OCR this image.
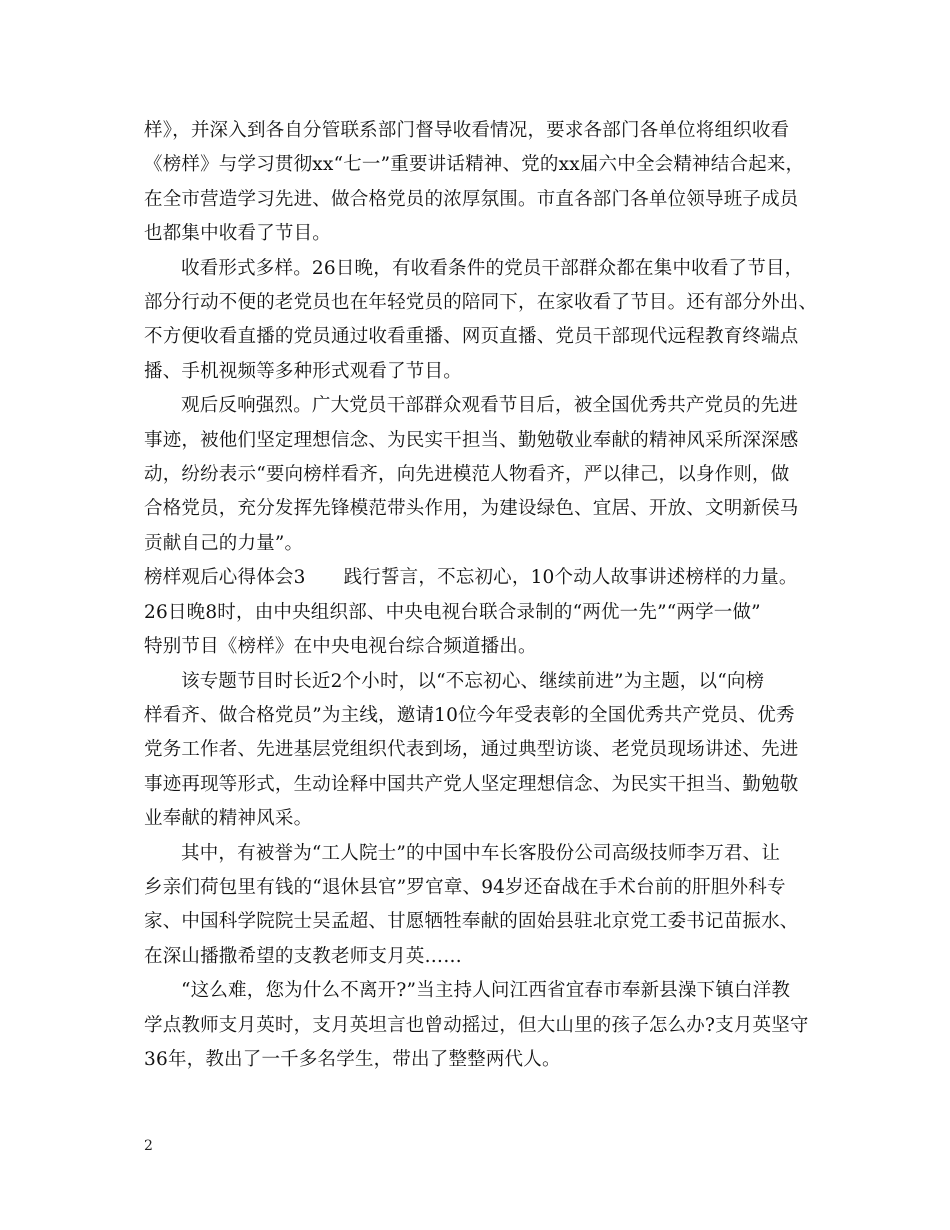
样》，并深入到各自分管联系部门督导收看情况，要求各部门各单位将组织收看
《榜样》与学习贯彻xx“七一”重要讲话精神、党的xx届六中全会精神结合起来，
在全市营造学习先进、做合格党员的浓厚氛围。市直各部门各单位领导班子成员
也都集中收看了节目。

收看形式多样。26日晚，有收看条件的党员干部群众都在集中收看了节目，
部分行动不便的老党员也在年轻党员的陪同下，在家收看了节目。还有部分外出、
不方便收看直播的党员通过收看重播、网页直播、党员干部现代远程教育终端点
播、手机视频等多种形式观看了节目。

观后反响强烈。广大党员干部群众观看节目后，被全国优秀共产党员的先进
事迹，被他们坚定理想信念、为民实干担当、勤勉敬业奉献的精神风采所深深感
动，纷纷表示“要向榜样看齐，向先进模范人物看齐，严以律己，以身作则，做
合格党员，充分发挥先锋模范带头作用，为建设绿色、宜居、开放、文明新侯马
贡献自己的力量”。

榜样观后心得体会3 践行誓言，不忘初心，10个动人故事讲述榜样的力量。
26日晚8时，由中央组织部、中央电视台联合录制的“两优一先”“两学一做”
特别节目《榜样》在中央电视台综合频道播出。

该专题节目时长近2个小时，以“不忘初心、继续前进”为主题，以“向榜
样看齐、做合格党员”为主线，邀请10位今年受表彰的全国优秀共产党员、优秀
党务工作者、先进基层党组织代表到场，通过典型访谈、老党员现场讲述、先进
事迹再现等形式，生动诠释中国共产党人坚定理想信念、为民实干担当、勤勉敬
业奉献的精神风采。

其中，有被誉为“工人院士”的中国中车长客股份公司高级技师李万君、让
乡亲们荷包里有钱的“退休县官”罗官章、94岁还奋战在手术台前的肝胆外科专
家、中国科学院院士吴孟超、甘愿牺牲奉献的固始县驻北京党工委书记苗振水、
在深山播撒希望的支教老师支月英……

“这么难，您为什么不离开?”当主持人问江西省宜春市奉新县澡下镇白洋教
学点教师支月英时，支月英坦言也曾动摇过，但大山里的孩子怎么办?支月英坚守
36年，教出了一千多名学生，带出了整整两代人。

2
